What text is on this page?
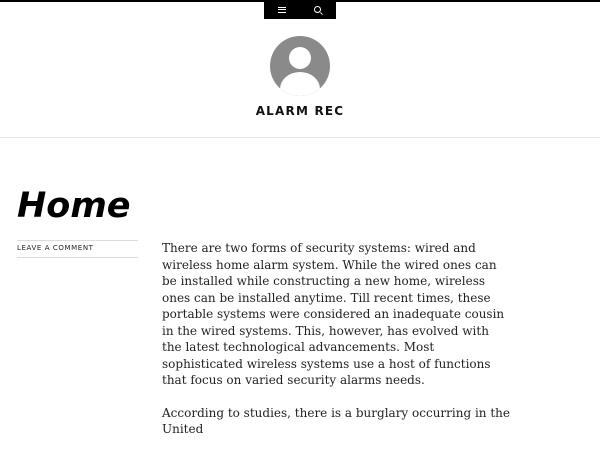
ALARM REC
Home
LEAVE A COMMENT	There are two forms of security systems: wired and wireless home alarm system. While the wired ones can be installed while constructing a new home, wireless ones can be installed anytime. Till recent times, these portable systems were considered an inadequate cousin in the wired systems. This, however, has evolved with the latest technological advancements. Most sophisticated wireless systems use a host of functions that focus on varied security alarms needs.

According to studies, there is a burglary occurring in the United
